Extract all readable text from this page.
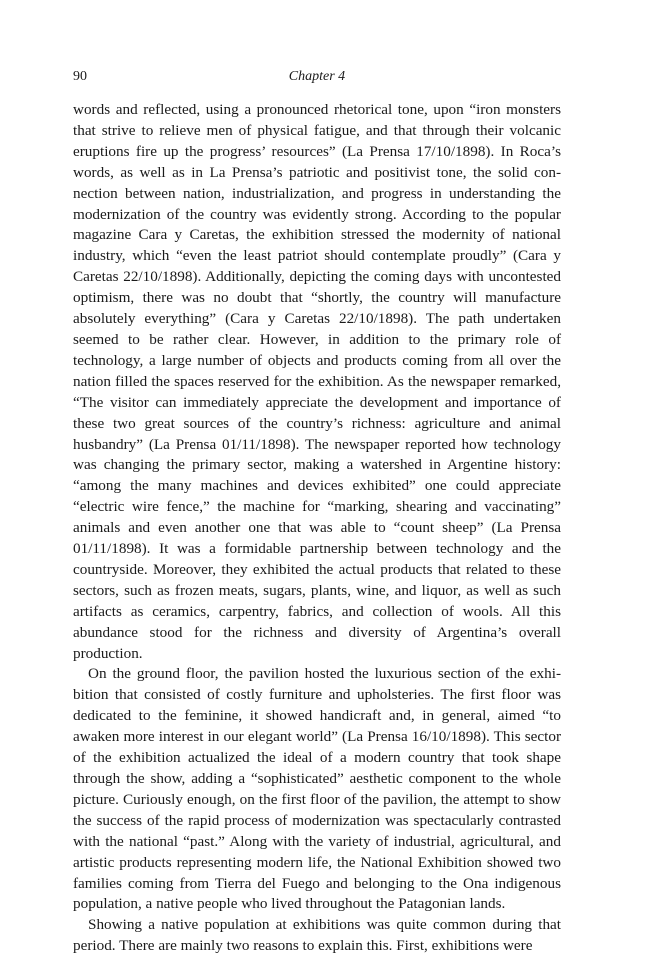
90	Chapter 4

words and reflected, using a pronounced rhetorical tone, upon “iron monsters that strive to relieve men of physical fatigue, and that through their volcanic eruptions fire up the progress’ resources” (La Prensa 17/10/1898). In Roca’s words, as well as in La Prensa’s patriotic and positivist tone, the solid connection between nation, industrialization, and progress in understanding the modernization of the country was evidently strong. According to the popular magazine Cara y Caretas, the exhibition stressed the modernity of national industry, which “even the least patriot should contemplate proudly” (Cara y Caretas 22/10/1898). Additionally, depicting the coming days with uncontested optimism, there was no doubt that “shortly, the country will manufacture absolutely everything” (Cara y Caretas 22/10/1898). The path undertaken seemed to be rather clear. However, in addition to the primary role of technology, a large number of objects and products coming from all over the nation filled the spaces reserved for the exhibition. As the newspaper remarked, “The visitor can immediately appreciate the development and importance of these two great sources of the country’s richness: agriculture and animal husbandry” (La Prensa 01/11/1898). The newspaper reported how technology was changing the primary sector, making a watershed in Argentine history: “among the many machines and devices exhibited” one could appreciate “electric wire fence,” the machine for “marking, shearing and vaccinating” animals and even another one that was able to “count sheep” (La Prensa 01/11/1898). It was a formidable partnership between technology and the countryside. Moreover, they exhibited the actual products that related to these sectors, such as frozen meats, sugars, plants, wine, and liquor, as well as such artifacts as ceramics, carpentry, fabrics, and collection of wools. All this abundance stood for the richness and diversity of Argentina’s overall production.

On the ground floor, the pavilion hosted the luxurious section of the exhibition that consisted of costly furniture and upholsteries. The first floor was dedicated to the feminine, it showed handicraft and, in general, aimed “to awaken more interest in our elegant world” (La Prensa 16/10/1898). This sector of the exhibition actualized the ideal of a modern country that took shape through the show, adding a “sophisticated” aesthetic component to the whole picture. Curiously enough, on the first floor of the pavilion, the attempt to show the success of the rapid process of modernization was spectacularly contrasted with the national “past.” Along with the variety of industrial, agricultural, and artistic products representing modern life, the National Exhibition showed two families coming from Tierra del Fuego and belonging to the Ona indigenous population, a native people who lived throughout the Patagonian lands.

Showing a native population at exhibitions was quite common during that period. There are mainly two reasons to explain this. First, exhibitions were
